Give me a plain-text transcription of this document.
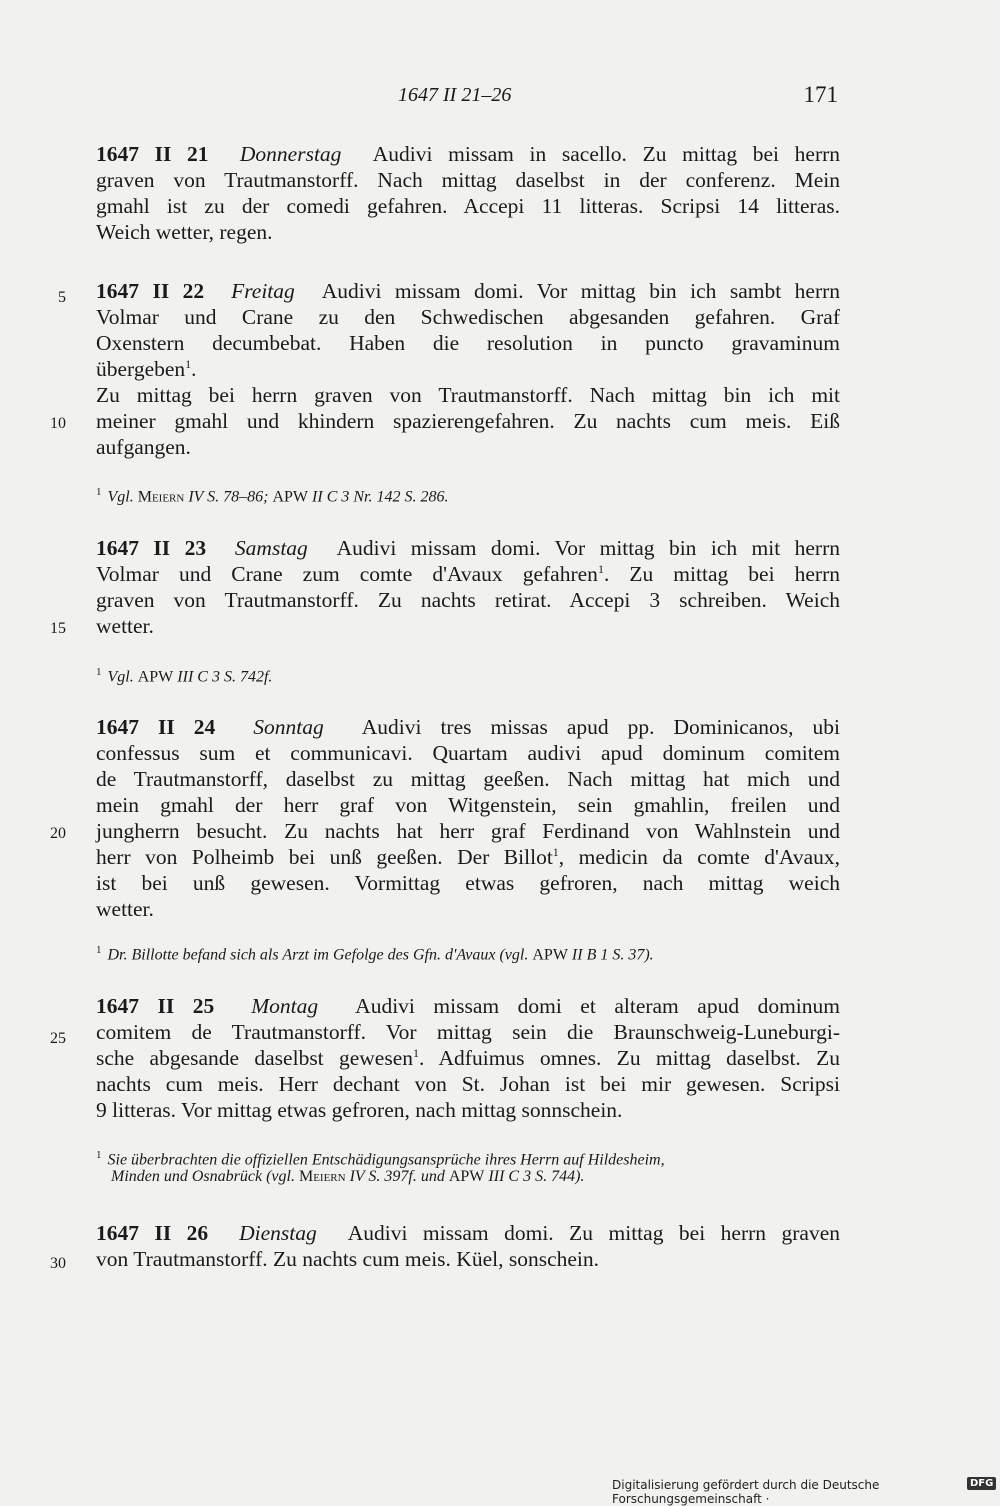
1647 II 21–26	171
1647 II 21 Donnerstag Audivi missam in sacello. Zu mittag bei herrn
graven von Trautmanstorff. Nach mittag daselbst in der conferenz. Mein
gmahl ist zu der comedi gefahren. Accepi 11 litteras. Scripsi 14 litteras.
Weich wetter, regen.
1647 II 22 Freitag Audivi missam domi. Vor mittag bin ich sambt herrn
Volmar und Crane zu den Schwedischen abgesanden gefahren. Graf
Oxenstern decumbebat. Haben die resolution in puncto gravaminum
übergeben$^1$.
Zu mittag bei herrn graven von Trautmanstorff. Nach mittag bin ich mit
meiner gmahl und khindern spazierengefahren. Zu nachts cum meis. Eiß
aufgangen.
$^1$ Vgl. Meiern IV S. 78–86; APW II C 3 Nr. 142 S. 286.
1647 II 23 Samstag Audivi missam domi. Vor mittag bin ich mit herrn
Volmar und Crane zum comte d'Avaux gefahren$^1$. Zu mittag bei herrn
graven von Trautmanstorff. Zu nachts retirat. Accepi 3 schreiben. Weich
wetter.
$^1$ Vgl. APW III C 3 S. 742f.
1647 II 24 Sonntag Audivi tres missas apud pp. Dominicanos, ubi
confessus sum et communicavi. Quartam audivi apud dominum comitem
de Trautmanstorff, daselbst zu mittag geeßen. Nach mittag hat mich und
mein gmahl der herr graf von Witgenstein, sein gmahlin, freilen und
jungherrn besucht. Zu nachts hat herr graf Ferdinand von Wahlnstein und
herr von Polheimb bei unß geeßen. Der Billot$^1$, medicin da comte d'Avaux,
ist bei unß gewesen. Vormittag etwas gefroren, nach mittag weich
wetter.
$^1$ Dr. Billotte befand sich als Arzt im Gefolge des Gfn. d'Avaux (vgl. APW II B 1 S. 37).
1647 II 25 Montag Audivi missam domi et alteram apud dominum
comitem de Trautmanstorff. Vor mittag sein die Braunschweig-Luneburgi-
sche abgesande daselbst gewesen$^1$. Adfuimus omnes. Zu mittag daselbst. Zu
nachts cum meis. Herr dechant von St. Johan ist bei mir gewesen. Scripsi
9 litteras. Vor mittag etwas gefroren, nach mittag sonnschein.
$^1$ Sie überbrachten die offiziellen Entschädigungsansprüche ihres Herrn auf Hildesheim,
Minden und Osnabrück (vgl. Meiern IV S. 397f. und APW III C 3 S. 744).
1647 II 26 Dienstag Audivi missam domi. Zu mittag bei herrn graven
von Trautmanstorff. Zu nachts cum meis. Küel, sonschein.
5
10
15
20
25
30
Digitalisierung gefördert durch die Deutsche Forschungsgemeinschaft ·
DFG
